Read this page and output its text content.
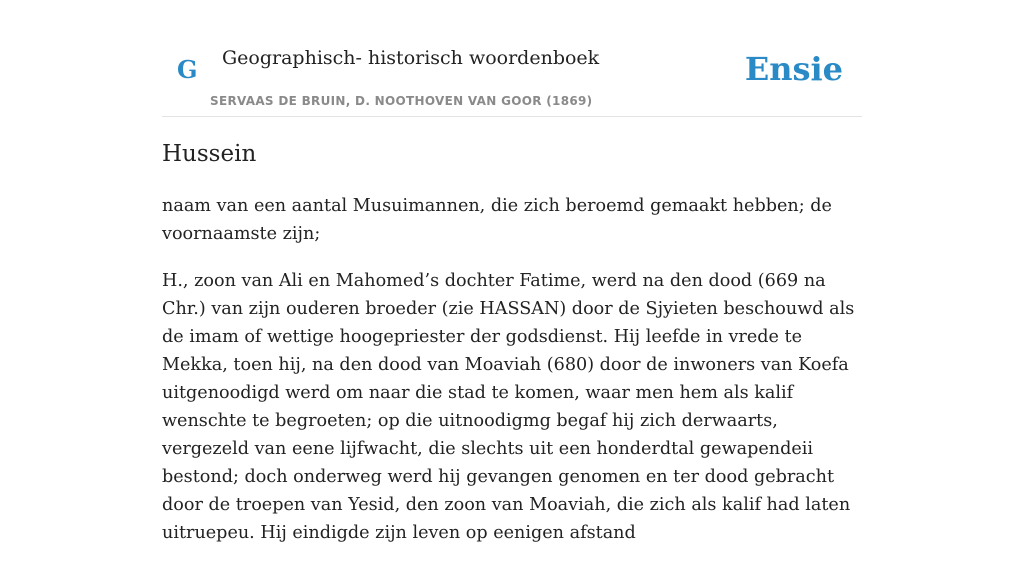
G Geographisch- historisch woordenboek
SERVAAS DE BRUIN, D. NOOTHOVEN VAN GOOR (1869)
Ensie
Hussein

naam van een aantal Musuimannen, die zich beroemd gemaakt hebben; de voornaamste zijn;

H., zoon van Ali en Mahomed’s dochter Fatime, werd na den dood (669 na Chr.) van zijn ouderen broeder (zie HASSAN) door de Sjyieten beschouwd als de imam of wettige hoogepriester der godsdienst. Hij leefde in vrede te Mekka, toen hij, na den dood van Moaviah (680) door de inwoners van Koefa uitgenoodigd werd om naar die stad te komen, waar men hem als kalif wenschte te begroeten; op die uitnoodigmg begaf hij zich derwaarts, vergezeld van eene lijfwacht, die slechts uit een honderdtal gewapendeii bestond; doch onderweg werd hij gevangen genomen en ter dood gebracht door de troepen van Yesid, den zoon van Moaviah, die zich als kalif had laten uitruepeu. Hij eindigde zijn leven op eenigen afstand
